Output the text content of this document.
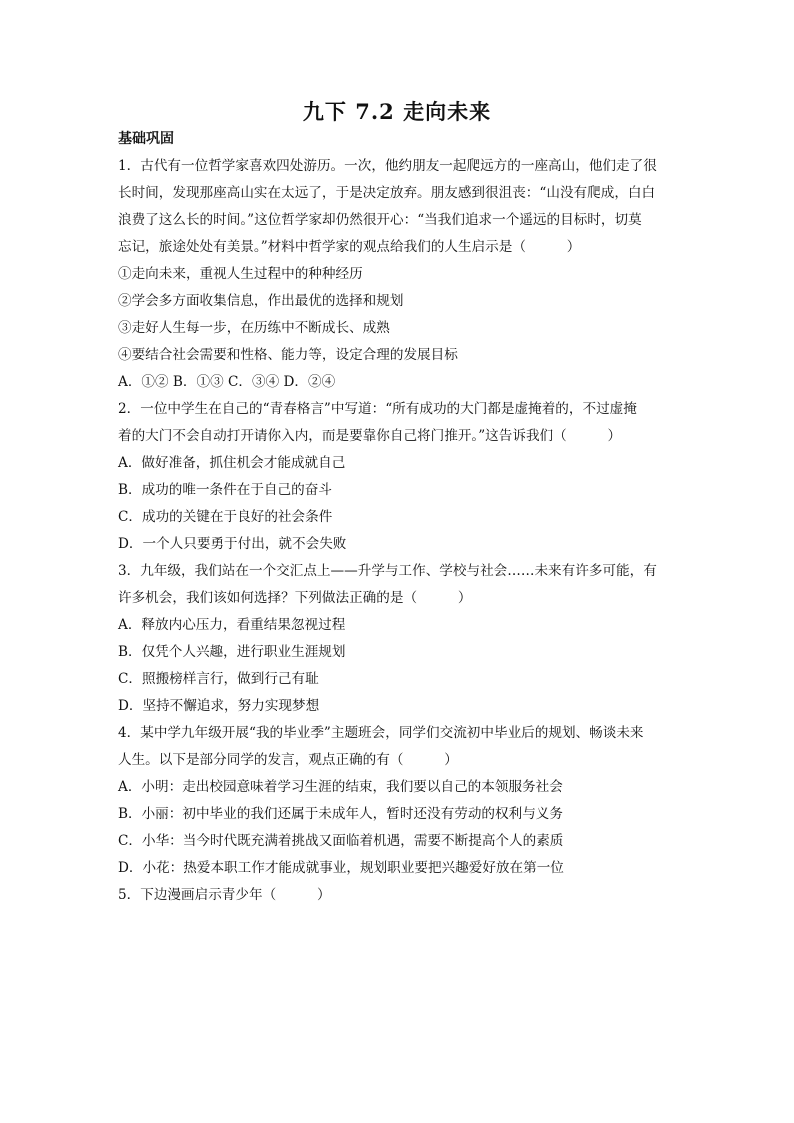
九下 7.2 走向未来
基础巩固
1．古代有一位哲学家喜欢四处游历。一次，他约朋友一起爬远方的一座高山，他们走了很
长时间，发现那座高山实在太远了，于是决定放弃。朋友感到很沮丧：“山没有爬成，白白
浪费了这么长的时间。”这位哲学家却仍然很开心：“当我们追求一个遥远的目标时，切莫
忘记，旅途处处有美景。”材料中哲学家的观点给我们的人生启示是（　　　）
①走向未来，重视人生过程中的种种经历
②学会多方面收集信息，作出最优的选择和规划
③走好人生每一步，在历练中不断成长、成熟
④要结合社会需要和性格、能力等，设定合理的发展目标
A．①② B．①③ C．③④ D．②④
2．一位中学生在自己的“青春格言”中写道：“所有成功的大门都是虚掩着的，不过虚掩
着的大门不会自动打开请你入内，而是要靠你自己将门推开。”这告诉我们（　　　）
A．做好准备，抓住机会才能成就自己
B．成功的唯一条件在于自己的奋斗
C．成功的关键在于良好的社会条件
D．一个人只要勇于付出，就不会失败
3．九年级，我们站在一个交汇点上——升学与工作、学校与社会……未来有许多可能，有
许多机会，我们该如何选择？下列做法正确的是（　　　）
A．释放内心压力，看重结果忽视过程
B．仅凭个人兴趣，进行职业生涯规划
C．照搬榜样言行，做到行己有耻
D．坚持不懈追求，努力实现梦想
4．某中学九年级开展“我的毕业季”主题班会，同学们交流初中毕业后的规划、畅谈未来
人生。以下是部分同学的发言，观点正确的有（　　　）
A．小明：走出校园意味着学习生涯的结束，我们要以自己的本领服务社会
B．小丽：初中毕业的我们还属于未成年人，暂时还没有劳动的权利与义务
C．小华：当今时代既充满着挑战又面临着机遇，需要不断提高个人的素质
D．小花：热爱本职工作才能成就事业，规划职业要把兴趣爱好放在第一位
5．下边漫画启示青少年（　　　）
